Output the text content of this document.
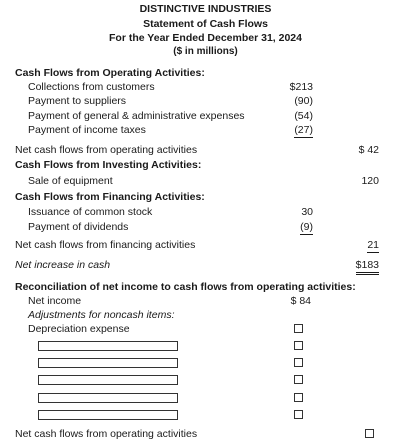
DISTINCTIVE INDUSTRIES
Statement of Cash Flows
For the Year Ended December 31, 2024
($ in millions)
Cash Flows from Operating Activities:
Collections from customers	$213
Payment to suppliers	(90)
Payment of general & administrative expenses	(54)
Payment of income taxes	(27)
Net cash flows from operating activities	$ 42
Cash Flows from Investing Activities:
Sale of equipment	120
Cash Flows from Financing Activities:
Issuance of common stock	30
Payment of dividends	(9)
Net cash flows from financing activities	21
Net increase in cash	$183
Reconciliation of net income to cash flows from operating activities:
Net income	$ 84
Adjustments for noncash items:
Depreciation expense
Net cash flows from operating activities
